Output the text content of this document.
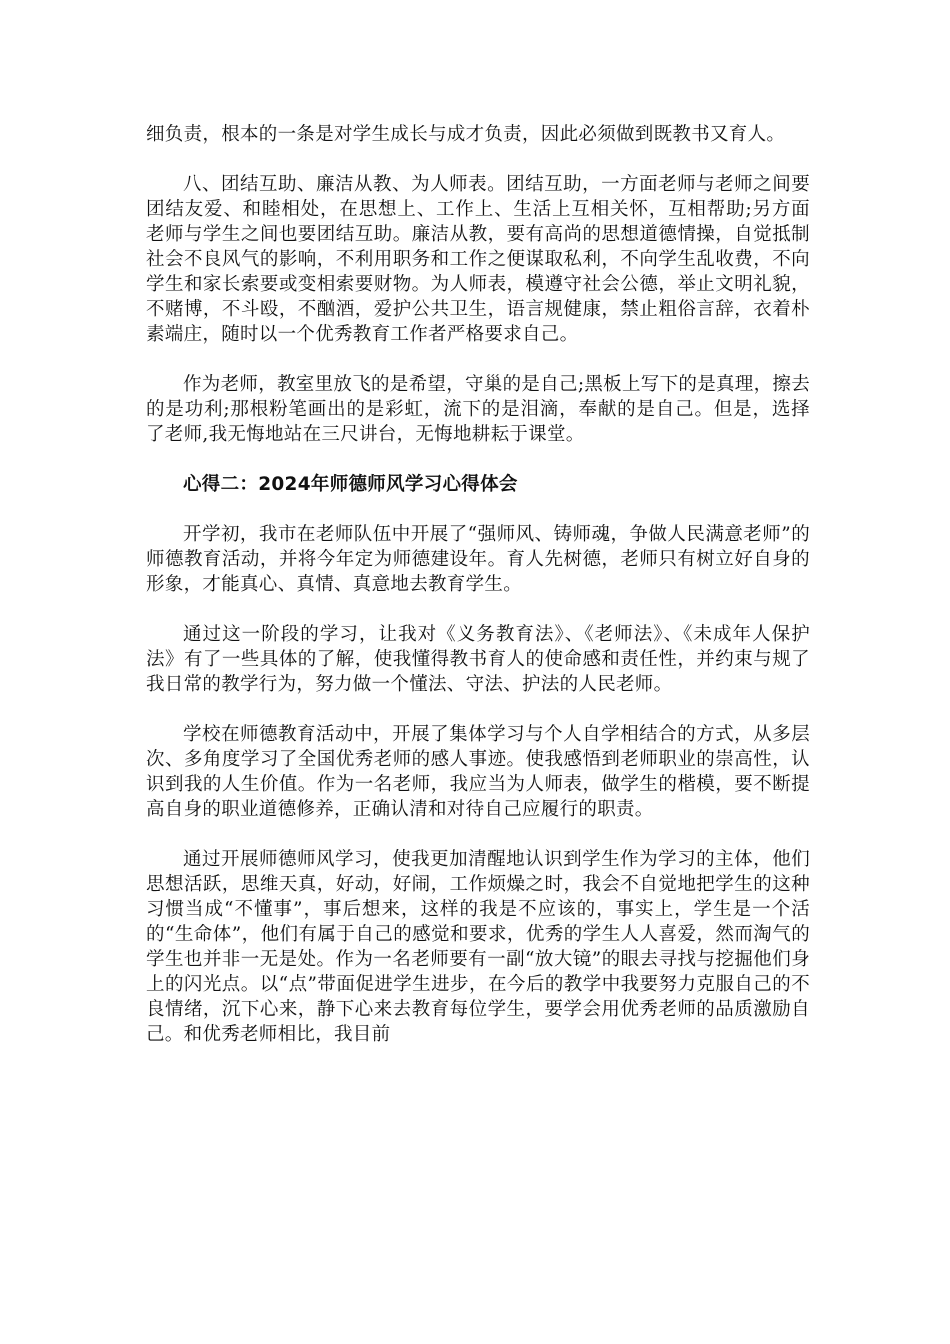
细负责，根本的一条是对学生成长与成才负责，因此必须做到既教书又育人。

八、团结互助、廉洁从教、为人师表。团结互助，一方面老师与老师之间要团结友爱、和睦相处，在思想上、工作上、生活上互相关怀，互相帮助;另方面老师与学生之间也要团结互助。廉洁从教，要有高尚的思想道德情操，自觉抵制社会不良风气的影响，不利用职务和工作之便谋取私利，不向学生乱收费，不向学生和家长索要或变相索要财物。为人师表，模遵守社会公德，举止文明礼貌，不赌博，不斗殴，不酗酒，爱护公共卫生，语言规健康，禁止粗俗言辞，衣着朴素端庄，随时以一个优秀教育工作者严格要求自己。

作为老师，教室里放飞的是希望，守巢的是自己;黑板上写下的是真理，擦去的是功利;那根粉笔画出的是彩虹，流下的是泪滴，奉献的是自己。但是，选择了老师,我无悔地站在三尺讲台，无悔地耕耘于课堂。

心得二：2024年师德师风学习心得体会

开学初，我市在老师队伍中开展了“强师风、铸师魂，争做人民满意老师”的师德教育活动，并将今年定为师德建设年。育人先树德，老师只有树立好自身的形象，才能真心、真情、真意地去教育学生。

通过这一阶段的学习，让我对《义务教育法》、《老师法》、《未成年人保护法》有了一些具体的了解，使我懂得教书育人的使命感和责任性，并约束与规了我日常的教学行为，努力做一个懂法、守法、护法的人民老师。

学校在师德教育活动中，开展了集体学习与个人自学相结合的方式，从多层次、多角度学习了全国优秀老师的感人事迹。使我感悟到老师职业的崇高性，认识到我的人生价值。作为一名老师，我应当为人师表，做学生的楷模，要不断提高自身的职业道德修养，正确认清和对待自己应履行的职责。

通过开展师德师风学习，使我更加清醒地认识到学生作为学习的主体，他们思想活跃，思维天真，好动，好闹，工作烦燥之时，我会不自觉地把学生的这种习惯当成“不懂事”，事后想来，这样的我是不应该的，事实上，学生是一个活的“生命体”，他们有属于自己的感觉和要求，优秀的学生人人喜爱，然而淘气的学生也并非一无是处。作为一名老师要有一副“放大镜”的眼去寻找与挖掘他们身上的闪光点。以“点”带面促进学生进步，在今后的教学中我要努力克服自己的不良情绪，沉下心来，静下心来去教育每位学生，要学会用优秀老师的品质激励自己。和优秀老师相比，我目前
